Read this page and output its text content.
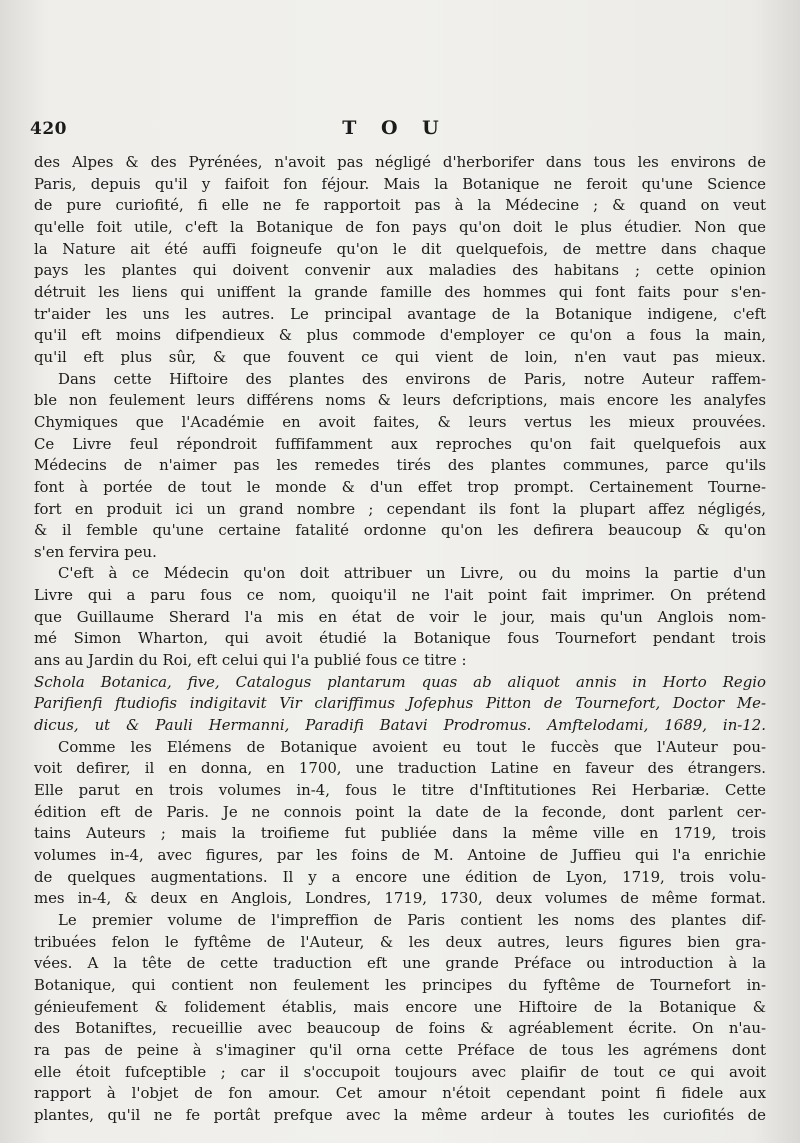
420	T O U

des Alpes & des Pyrénées, n'avoit pas négligé d'herborifer dans tous les environs de
Paris, depuis qu'il y faifoit fon féjour. Mais la Botanique ne feroit qu'une Science
de pure curiofité, fi elle ne fe rapportoit pas à la Médecine ; & quand on veut
qu'elle foit utile, c'eft la Botanique de fon pays qu'on doit le plus étudier. Non que
la Nature ait été auffi foigneufe qu'on le dit quelquefois, de mettre dans chaque
pays les plantes qui doivent convenir aux maladies des habitans ; cette opinion
détruit les liens qui uniffent la grande famille des hommes qui font faits pour s'en-
tr'aider les uns les autres. Le principal avantage de la Botanique indigene, c'eft
qu'il eft moins difpendieux & plus commode d'employer ce qu'on a fous la main,
qu'il eft plus sûr, & que fouvent ce qui vient de loin, n'en vaut pas mieux.

Dans cette Hiftoire des plantes des environs de Paris, notre Auteur raffem-
ble non feulement leurs différens noms & leurs defcriptions, mais encore les analyfes
Chymiques que l'Académie en avoit faites, & leurs vertus les mieux prouvées.
Ce Livre feul répondroit fuffifamment aux reproches qu'on fait quelquefois aux
Médecins de n'aimer pas les remedes tirés des plantes communes, parce qu'ils
font à portée de tout le monde & d'un effet trop prompt. Certainement Tourne-
fort en produit ici un grand nombre ; cependant ils font la plupart affez négligés,
& il femble qu'une certaine fatalité ordonne qu'on les defirera beaucoup & qu'on
s'en fervira peu.

C'eft à ce Médecin qu'on doit attribuer un Livre, ou du moins la partie d'un
Livre qui a paru fous ce nom, quoiqu'il ne l'ait point fait imprimer. On prétend
que Guillaume Sherard l'a mis en état de voir le jour, mais qu'un Anglois nom-
mé Simon Wharton, qui avoit étudié la Botanique fous Tournefort pendant trois
ans au Jardin du Roi, eft celui qui l'a publié fous ce titre :

Schola Botanica, five, Catalogus plantarum quas ab aliquot annis in Horto Regio
Parifienfi ftudiofis indigitavit Vir clariffimus Jofephus Pitton de Tournefort, Doctor Me-
dicus, ut & Pauli Hermanni, Paradifi Batavi Prodromus. Amftelodami, 1689, in-12.

Comme les Elémens de Botanique avoient eu tout le fuccès que l'Auteur pou-
voit defirer, il en donna, en 1700, une traduction Latine en faveur des étrangers.
Elle parut en trois volumes in-4, fous le titre d'Inftitutiones Rei Herbariæ. Cette
édition eft de Paris. Je ne connois point la date de la feconde, dont parlent cer-
tains Auteurs ; mais la troifieme fut publiée dans la même ville en 1719, trois
volumes in-4, avec figures, par les foins de M. Antoine de Juffieu qui l'a enrichie
de quelques augmentations. Il y a encore une édition de Lyon, 1719, trois volu-
mes in-4, & deux en Anglois, Londres, 1719, 1730, deux volumes de même format.

Le premier volume de l'impreffion de Paris contient les noms des plantes dif-
tribuées felon le fyftême de l'Auteur, & les deux autres, leurs figures bien gra-
vées. A la tête de cette traduction eft une grande Préface ou introduction à la
Botanique, qui contient non feulement les principes du fyftême de Tournefort in-
génieufement & folidement établis, mais encore une Hiftoire de la Botanique &
des Botaniftes, recueillie avec beaucoup de foins & agréablement écrite. On n'au-
ra pas de peine à s'imaginer qu'il orna cette Préface de tous les agrémens dont
elle étoit fufceptible ; car il s'occupoit toujours avec plaifir de tout ce qui avoit
rapport à l'objet de fon amour. Cet amour n'étoit cependant point fi fidele aux
plantes, qu'il ne fe portât prefque avec la même ardeur à toutes les curiofités de
